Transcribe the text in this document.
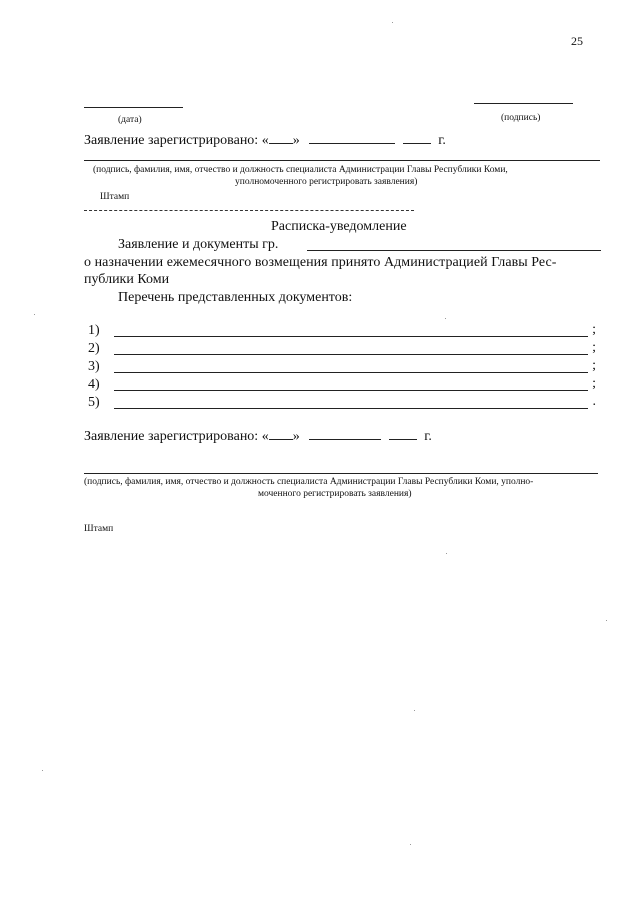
25
(дата)	(подпись)
Заявление зарегистрировано: « »	г.
(подпись, фамилия, имя, отчество и должность специалиста Администрации Главы Республики Коми,
уполномоченного регистрировать заявления)
Штамп
Расписка-уведомление
Заявление и документы гр.
о назначении ежемесячного возмещения принято Администрацией Главы Рес-
публики Коми
Перечень представленных документов:
1)	;
2)	;
3)	;
4)	;
5)	.
Заявление зарегистрировано: « »	г.
(подпись, фамилия, имя, отчество и должность специалиста Администрации Главы Республики Коми, уполно-
моченного регистрировать заявления)
Штамп
